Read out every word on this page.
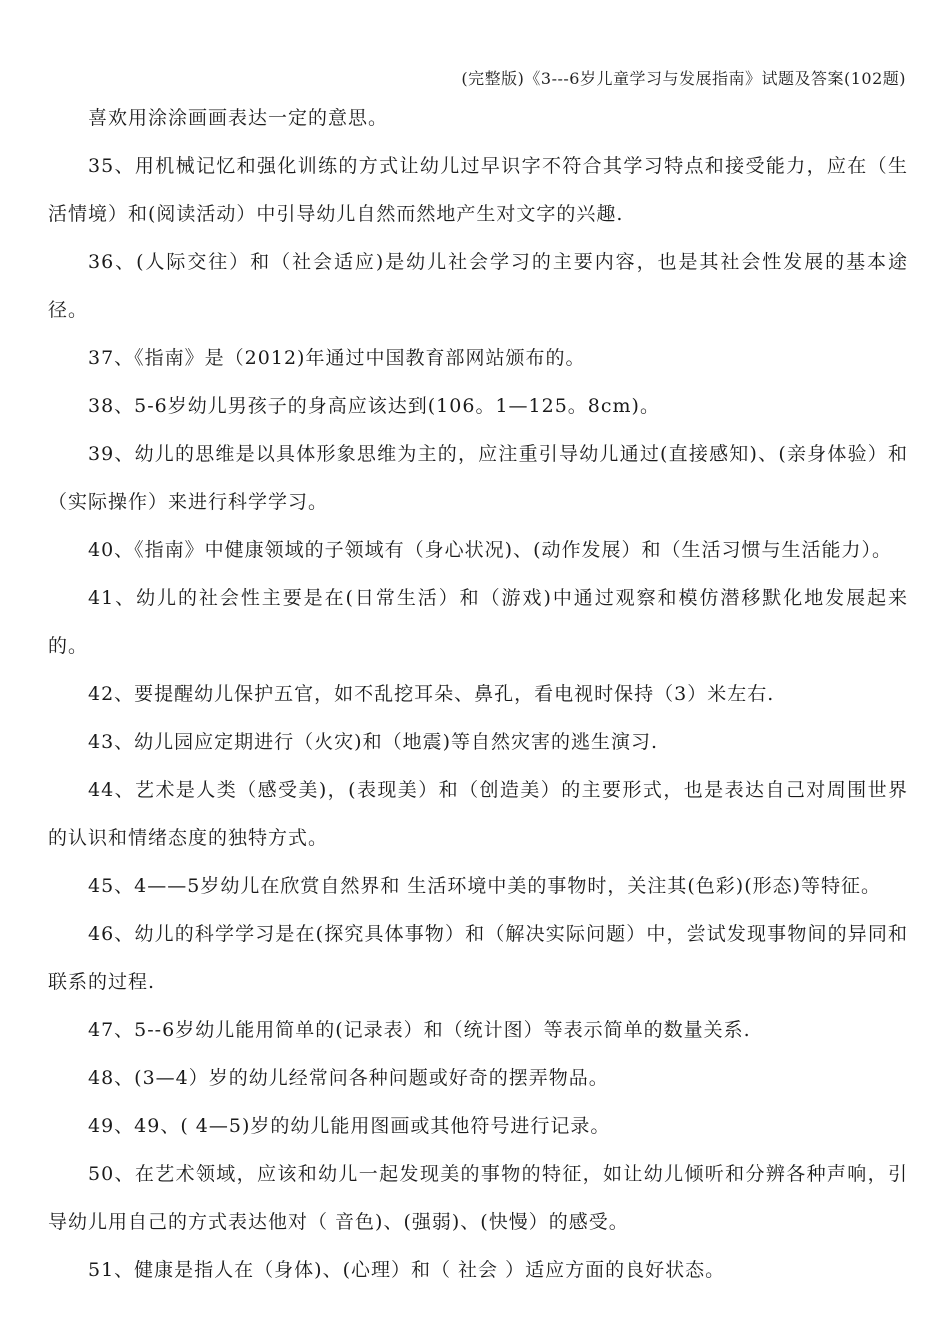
(完整版)《3---6岁儿童学习与发展指南》试题及答案(102题)

喜欢用涂涂画画表达一定的意思。

35、用机械记忆和强化训练的方式让幼儿过早识字不符合其学习特点和接受能力，应在（生活情境）和(阅读活动）中引导幼儿自然而然地产生对文字的兴趣.

36、(人际交往）和（社会适应)是幼儿社会学习的主要内容，也是其社会性发展的基本途径。

37、《指南》是（2012)年通过中国教育部网站颁布的。

38、5-6岁幼儿男孩子的身高应该达到(106。1—125。8cm)。

39、幼儿的思维是以具体形象思维为主的，应注重引导幼儿通过(直接感知)、(亲身体验）和（实际操作）来进行科学学习。

40、《指南》中健康领域的子领域有（身心状况)、(动作发展）和（生活习惯与生活能力）。

41、幼儿的社会性主要是在(日常生活）和（游戏)中通过观察和模仿潜移默化地发展起来的。

42、要提醒幼儿保护五官，如不乱挖耳朵、鼻孔，看电视时保持（3）米左右.

43、幼儿园应定期进行（火灾)和（地震)等自然灾害的逃生演习.

44、艺术是人类（感受美)，(表现美）和（创造美）的主要形式，也是表达自己对周围世界的认识和情绪态度的独特方式。

45、4——5岁幼儿在欣赏自然界和 生活环境中美的事物时，关注其(色彩)(形态)等特征。

46、幼儿的科学学习是在(探究具体事物）和（解决实际问题）中，尝试发现事物间的异同和联系的过程.

47、5--6岁幼儿能用简单的(记录表）和（统计图）等表示简单的数量关系.

48、(3—4）岁的幼儿经常问各种问题或好奇的摆弄物品。

49、49、( 4—5)岁的幼儿能用图画或其他符号进行记录。

50、在艺术领域，应该和幼儿一起发现美的事物的特征，如让幼儿倾听和分辨各种声响，引导幼儿用自己的方式表达他对（ 音色)、(强弱)、(快慢）的感受。

51、健康是指人在（身体)、(心理）和（ 社会 ）适应方面的良好状态。
